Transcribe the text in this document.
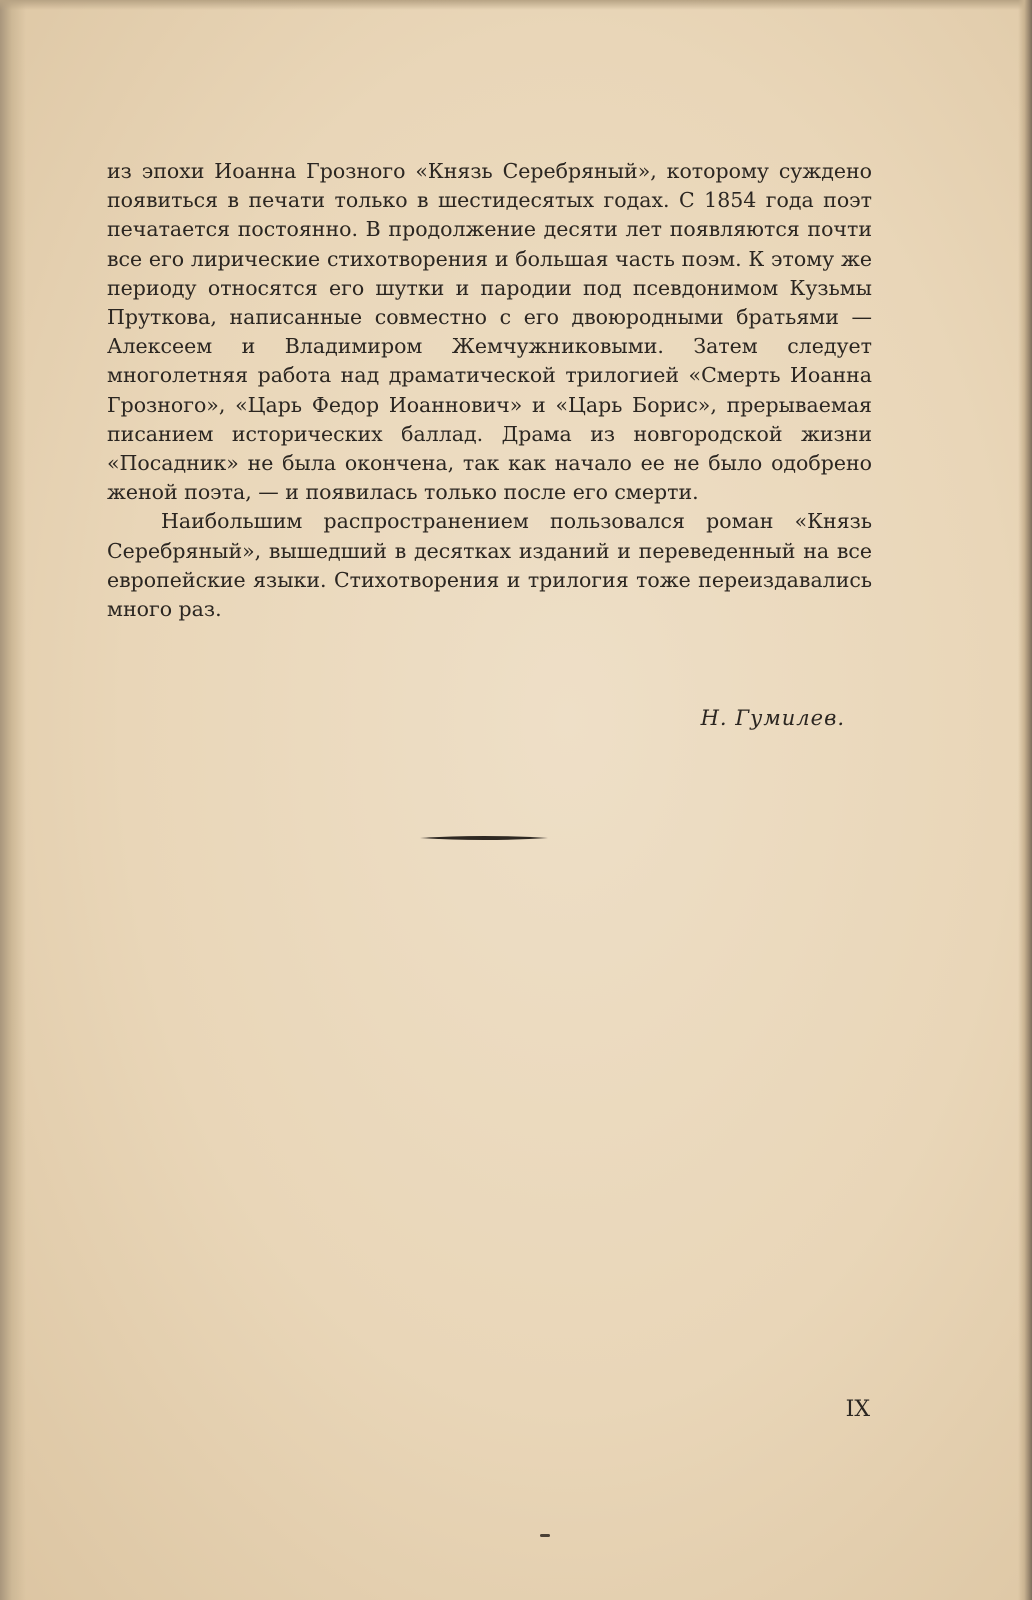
из эпохи Иоанна Грозного «Князь Серебряный», которому суждено появиться в печати только в шестидесятых годах. С 1854 года поэт печатается постоянно. В продолжение десяти лет появляются почти все его лирические стихотворения и большая часть поэм. К этому же периоду относятся его шутки и пародии под псевдонимом Кузьмы Пруткова, написанные совместно с его двоюродными братьями — Алексеем и Владимиром Жемчужниковыми. Затем следует многолетняя работа над драматической трилогией «Смерть Иоанна Грозного», «Царь Федор Иоаннович» и «Царь Борис», прерываемая писанием исторических баллад. Драма из новгородской жизни «Посадник» не была окончена, так как начало ее не было одобрено женой поэта, — и появилась только после его смерти.

Наибольшим распространением пользовался роман «Князь Серебряный», вышедший в десятках изданий и переведенный на все европейские языки. Стихотворения и трилогия тоже переиздавались много раз.

Н. Гумилев.
IX
